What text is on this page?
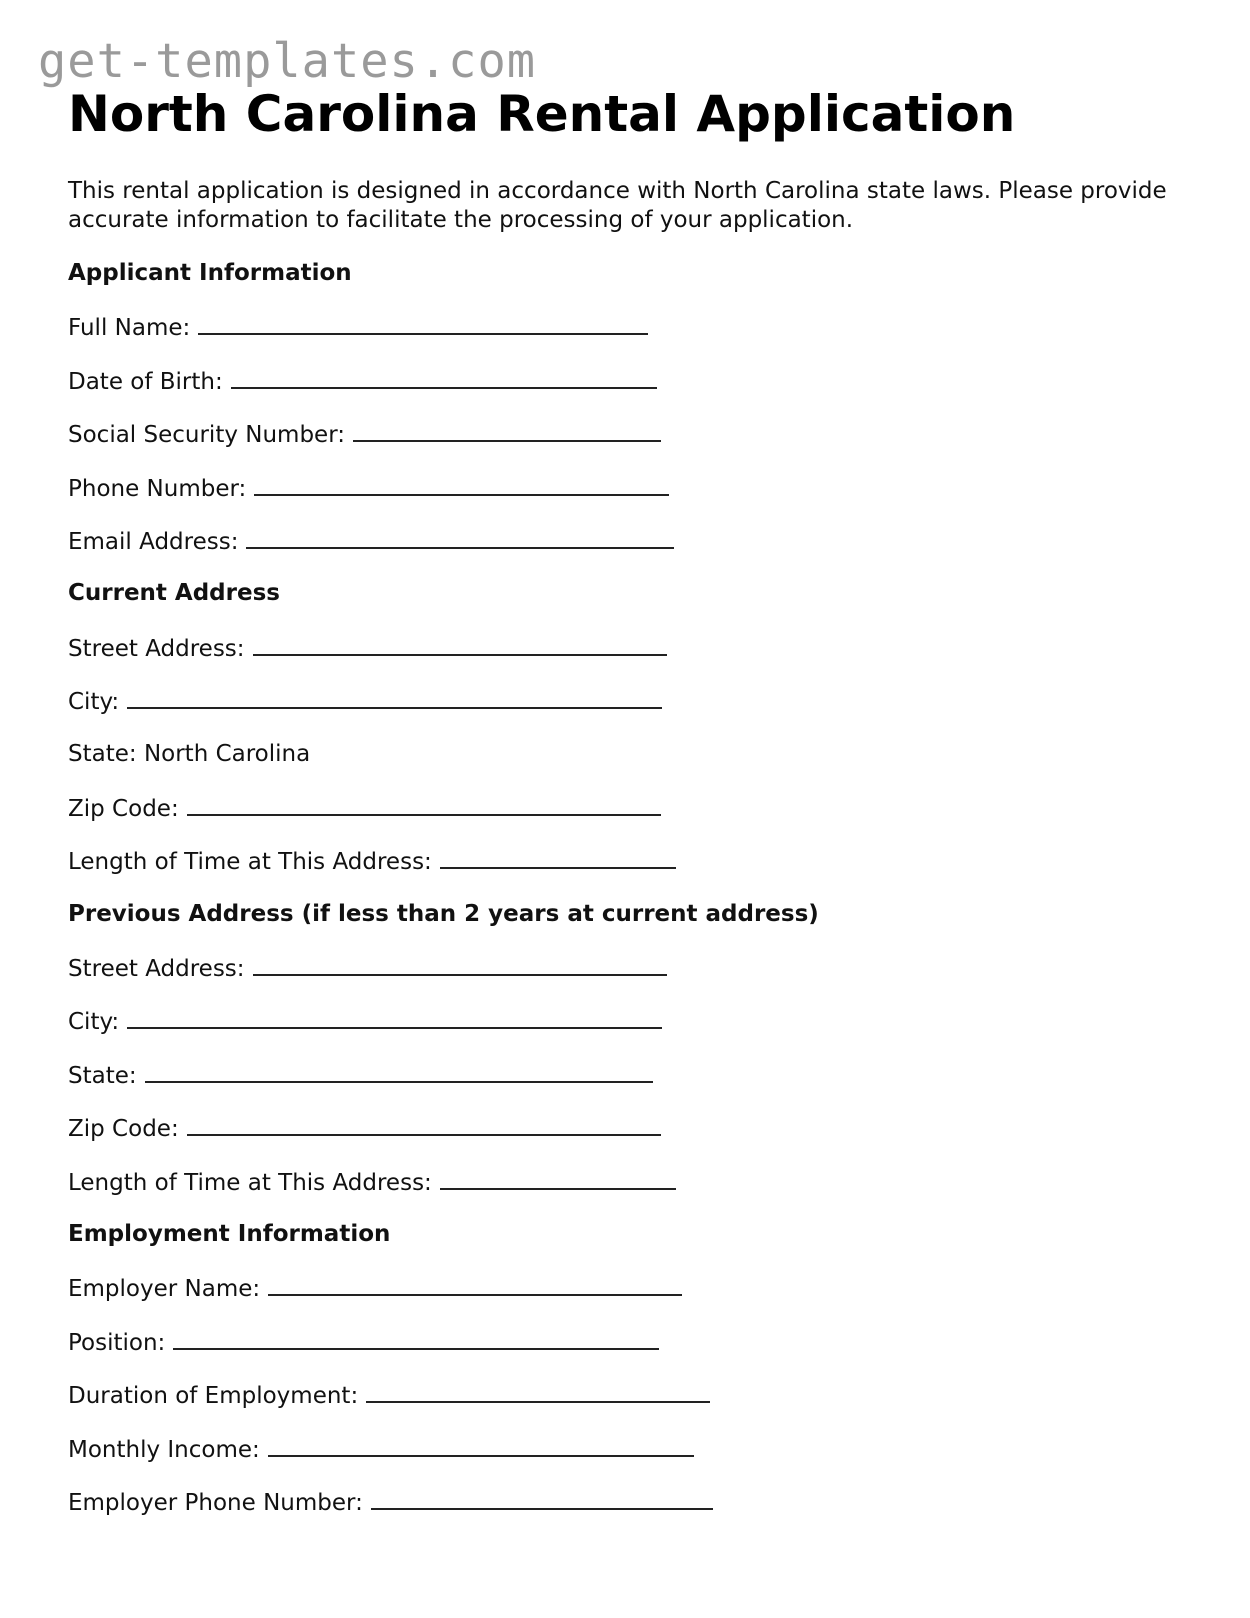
get-templates.com
North Carolina Rental Application

This rental application is designed in accordance with North Carolina state laws. Please provide accurate information to facilitate the processing of your application.

Applicant Information
Full Name:
Date of Birth:
Social Security Number:
Phone Number:
Email Address:
Current Address
Street Address:
City:
State: North Carolina
Zip Code:
Length of Time at This Address:
Previous Address (if less than 2 years at current address)
Street Address:
City:
State:
Zip Code:
Length of Time at This Address:
Employment Information
Employer Name:
Position:
Duration of Employment:
Monthly Income:
Employer Phone Number:
